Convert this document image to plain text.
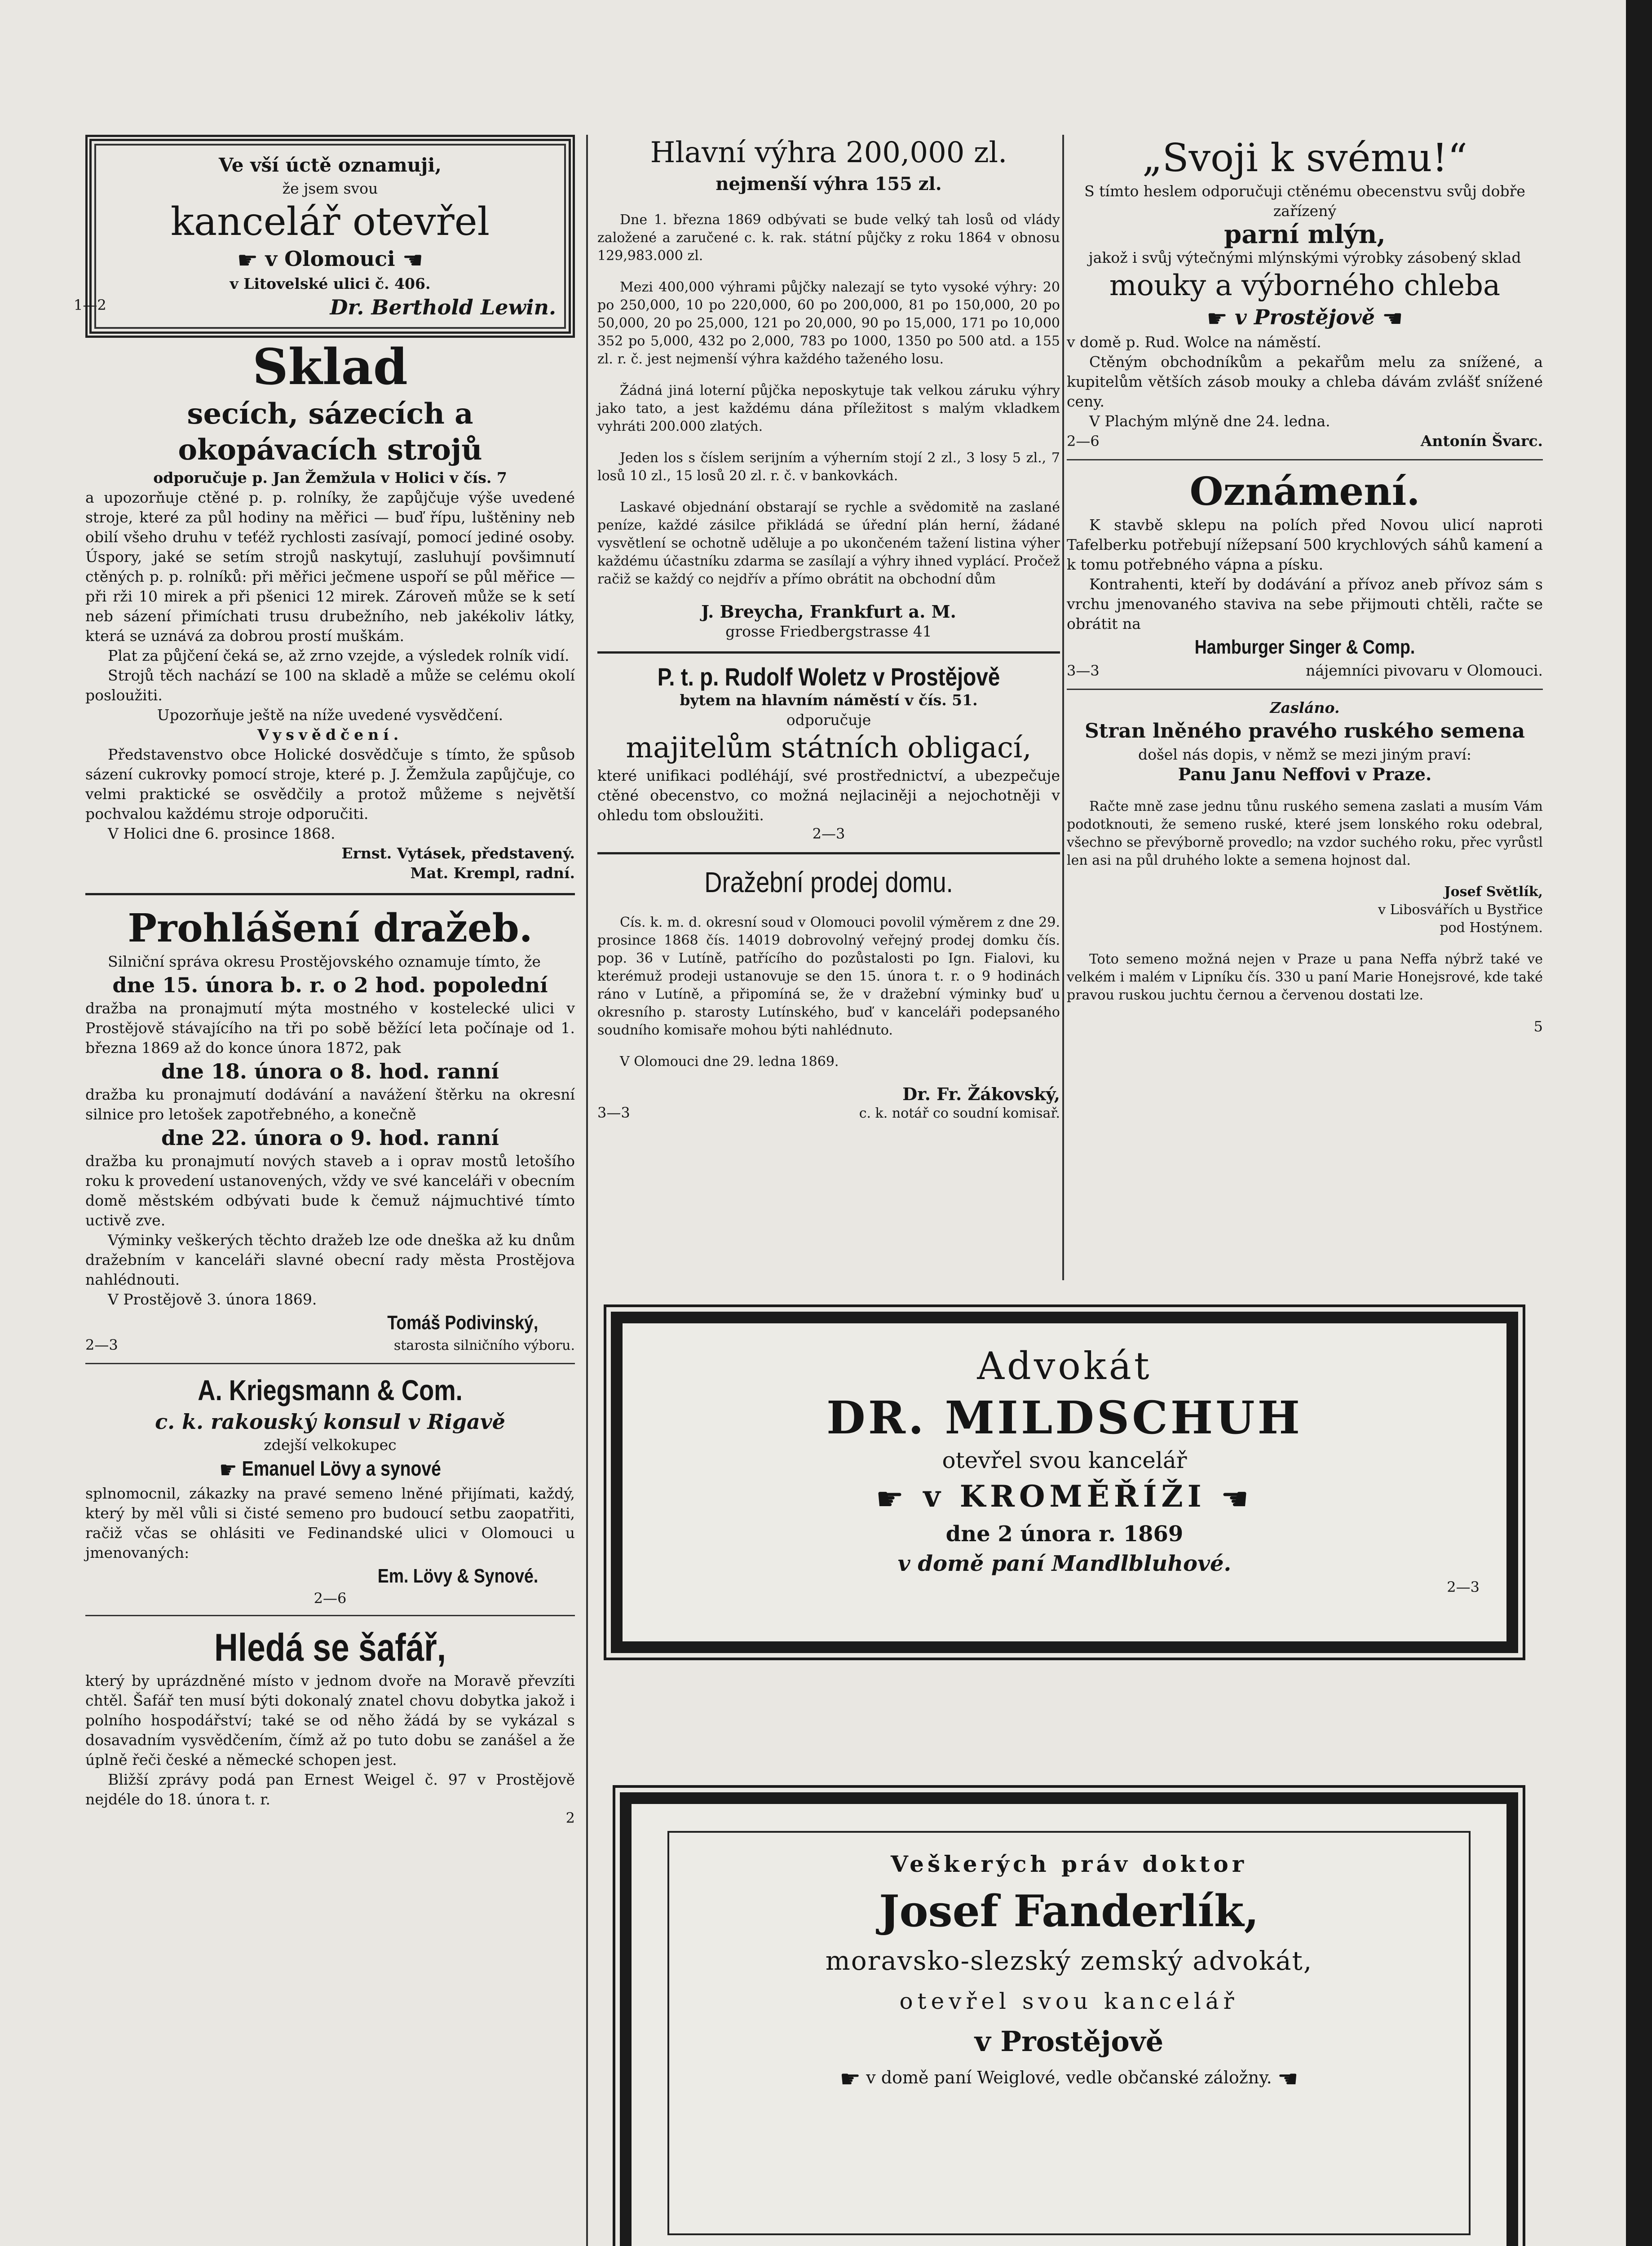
Ve vší úctě oznamuji,
že jsem svou
kancelář otevřel
☛ v Olomouci ☚
v Litovelské ulici č. 406.
Dr. Berthold Lewin.
1—2
Sklad
secích, sázecích a okopávacích strojů
odporučuje p. Jan Žemžula v Holici v čís. 7

a upozorňuje ctěné p. p. rolníky, že zapůjčuje výše uvedené stroje, které za půl hodiny na měřici — buď řípu, luštěniny neb obilí všeho druhu v teťéž rychlosti zasívají, pomocí jediné osoby. Úspory, jaké se setím strojů naskytují, zasluhují povšimnutí ctěných p. p. rolníků: při měřici ječmene uspoří se půl měřice — při rži 10 mirek a při pšenici 12 mirek. Zároveň může se k setí neb sázení přimíchati trusu drubežního, neb jakékoliv látky, která se uznává za dobrou prostí muškám.

Plat za půjčení čeká se, až zrno vzejde, a výsledek rolník vidí.

Strojů těch nachází se 100 na skladě a může se celému okolí posloužiti.

Upozorňuje ještě na níže uvedené vysvědčení.

Vysvědčení.

Představenstvo obce Holické dosvědčuje s tímto, že spůsob sázení cukrovky pomocí stroje, které p. J. Žemžula zapůjčuje, co velmi praktické se osvědčily a protož můžeme s největší pochvalou každému stroje odporučiti.

V Holici dne 6. prosince 1868.

Ernst. Vytásek, představený.
Mat. Krempl, radní.
Prohlášení dražeb.

Silniční správa okresu Prostějovského oznamuje tímto, že

dne 15. února b. r. o 2 hod. popolední

dražba na pronajmutí mýta mostného v kostelecké ulici v Prostějově stávajícího na tři po sobě běžící leta počínaje od 1. března 1869 až do konce února 1872, pak

dne 18. února o 8. hod. ranní

dražba ku pronajmutí dodávání a navážení štěrku na okresní silnice pro letošek zapotřebného, a konečně

dne 22. února o 9. hod. ranní

dražba ku pronajmutí nových staveb a i oprav mostů letošího roku k provedení ustanovených, vždy ve své kanceláři v obecním domě městském odbývati bude k čemuž nájmuchtivé tímto uctivě zve.

Výminky veškerých těchto dražeb lze ode dneška až ku dnům dražebním v kanceláři slavné obecní rady města Prostějova nahlédnouti.

V Prostějově 3. února 1869.

Tomáš Podivinský,
2—3	starosta silničního výboru.
A. Kriegsmann & Com.
c. k. rakouský konsul v Rigavě
zdejší velkokupec
☛ Emanuel Lövy a synové

splnomocnil, zákazky na pravé semeno lněné přijímati, každý, který by měl vůli si čisté semeno pro budoucí setbu zaopatřiti, račiž včas se ohlásiti ve Fedinandské ulici v Olomouci u jmenovaných:

Em. Lövy & Synové.
2—6
Hledá se šafář,

který by uprázdněné místo v jednom dvoře na Moravě převzíti chtěl. Šafář ten musí býti dokonalý znatel chovu dobytka jakož i polního hospodářství; také se od něho žádá by se vykázal s dosavadním vysvědčením, čímž až po tuto dobu se zanášel a že úplně řeči české a německé schopen jest.

Bližší zprávy podá pan Ernest Weigel č. 97 v Prostějově nejdéle do 18. února t. r.

2
Hlavní výhra 200,000 zl.
nejmenší výhra 155 zl.

Dne 1. března 1869 odbývati se bude velký tah losů od vlády založené a zaručené c. k. rak. státní půjčky z roku 1864 v obnosu 129,983.000 zl.

Mezi 400,000 výhrami půjčky nalezají se tyto vysoké výhry: 20 po 250,000, 10 po 220,000, 60 po 200,000, 81 po 150,000, 20 po 50,000, 20 po 25,000, 121 po 20,000, 90 po 15,000, 171 po 10,000 352 po 5,000, 432 po 2,000, 783 po 1000, 1350 po 500 atd. a 155 zl. r. č. jest nejmenší výhra každého taženého losu.

Žádná jiná loterní půjčka neposkytuje tak velkou záruku výhry jako tato, a jest každému dána příležitost s malým vkladkem vyhráti 200.000 zlatých.

Jeden los s číslem serijním a výherním stojí 2 zl., 3 losy 5 zl., 7 losů 10 zl., 15 losů 20 zl. r. č. v bankovkách.

Laskavé objednání obstarají se rychle a svědomitě na zaslané peníze, každé zásilce přikládá se úřední plán herní, žádané vysvětlení se ochotně uděluje a po ukončeném tažení listina výher každému účastníku zdarma se zasílají a výhry ihned vyplácí. Pročež račiž se každý co nejdřív a přímo obrátit na obchodní dům

J. Breycha, Frankfurt a. M.
grosse Friedbergstrasse 41
P. t. p. Rudolf Woletz v Prostějově
bytem na hlavním náměstí v čís. 51.
odporučuje
majitelům státních obligací,

které unifikaci podléhájí, své prostřednictví, a ubezpečuje ctěné obecenstvo, co možná nejlaciněji a nejochotněji v ohledu tom obsloužiti.

2—3
Dražební prodej domu.

Cís. k. m. d. okresní soud v Olomouci povolil výměrem z dne 29. prosince 1868 čís. 14019 dobrovolný veřejný prodej domku čís. pop. 36 v Lutíně, patřícího do pozůstalosti po Ign. Fialovi, ku kterémuž prodeji ustanovuje se den 15. února t. r. o 9 hodinách ráno v Lutíně, a připomíná se, že v dražební výminky buď u okresního p. starosty Lutínského, buď v kanceláři podepsaného soudního komisaře mohou býti nahlédnuto.

V Olomouci dne 29. ledna 1869.

Dr. Fr. Žákovský,
3—3	c. k. notář co soudní komisař.
„Svoji k svému!“

S tímto heslem odporučuji ctěnému obecenstvu svůj dobře zařízený

parní mlýn,

jakož i svůj výtečnými mlýnskými výrobky zásobený sklad

mouky a výborného chleba
☛ v Prostějově ☚

v domě p. Rud. Wolce na náměstí.

Ctěným obchodníkům a pekařům melu za snížené, a kupitelům větších zásob mouky a chleba dávám zvlášť snížené ceny.

V Plachým mlýně dne 24. ledna.

2—6	Antonín Švarc.
Oznámení.

K stavbě sklepu na polích před Novou ulicí naproti Tafelberku potřebují nížepsaní 500 krychlových sáhů kamení a k tomu potřebného vápna a písku.

Kontrahenti, kteří by dodávání a přívoz aneb přívoz sám s vrchu jmenovaného staviva na sebe přijmouti chtěli, račte se obrátit na

Hamburger Singer & Comp.
3—3	nájemníci pivovaru v Olomouci.
Zasláno.
Stran lněného pravého ruského semena
došel nás dopis, v němž se mezi jiným praví:
Panu Janu Neffovi v Praze.

Račte mně zase jednu tůnu ruského semena zaslati a musím Vám podotknouti, že semeno ruské, které jsem lonského roku odebral, všechno se převýborně provedlo; na vzdor suchého roku, přec vyrůstl len asi na půl druhého lokte a semena hojnost dal.

Josef Světlík,
v Libosvářích u Bystřice
pod Hostýnem.

Toto semeno možná nejen v Praze u pana Neffa nýbrž také ve velkém i malém v Lipníku čís. 330 u paní Marie Honejsrové, kde také pravou ruskou juchtu černou a červenou dostati lze.

5
Advokát
DR. MILDSCHUH
otevřel svou kancelář
☛ v KROMĚŘÍŽI ☚
dne 2 února r. 1869
v domě paní Mandlbluhové.
2—3
Veškerých práv doktor
Josef Fanderlík,
moravsko-slezský zemský advokát,
otevřel svou kancelář
v Prostějově
☛ v domě paní Weiglové, vedle občanské záložny. ☚
